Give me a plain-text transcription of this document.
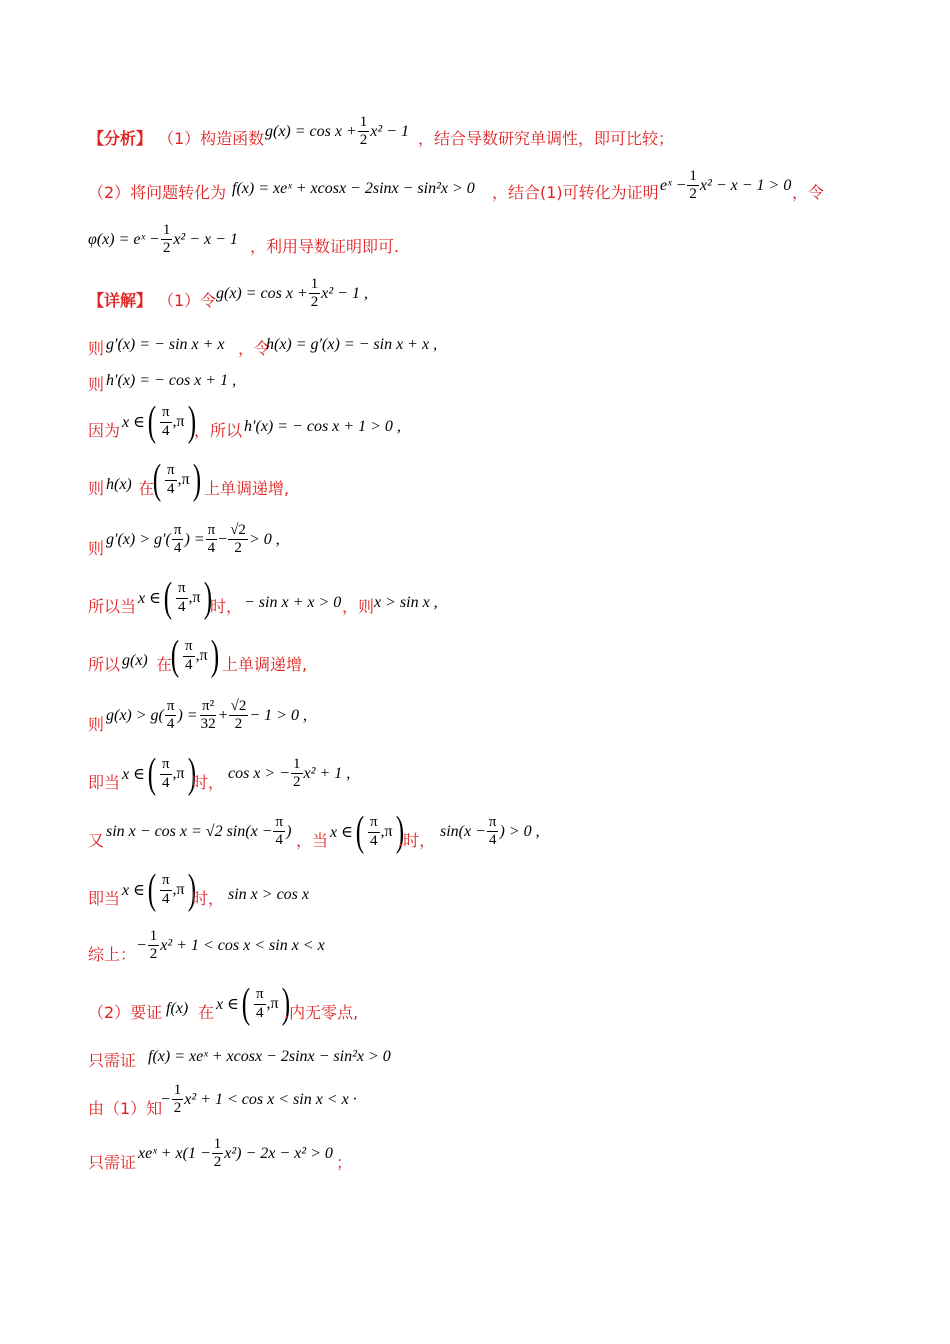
【分析】 （1）构造函数 $g(x) = \cos x + \frac{1}{2} x^2 - 1$ ，结合导数研究单调性，即可比较；
（2）将问题转化为 f(x) = xeˣ + xcosx − 2sinx − sin²x > 0 ，结合(1)可转化为证明 eˣ − $\frac{1}{2} x^2 - x - 1 > 0$ ，令
φ(x) = eˣ − $\frac{1}{2} x^2 - x - 1$ ，利用导数证明即可.
【详解】 （1）令 $g(x) = \cos x + \frac{1}{2} x^2 - 1$ ,
则 g′(x) = − sin x + x ，令
h(x) = g′(x) = − sin x + x ,
则 h′(x) = − cos x + 1 ,
因为 x ∈ ( $\frac{\pi}{4} ,\pi$ )
，所以 h′(x) = − cos x + 1 > 0 ,
则 h(x) 在
( $\frac{\pi}{4} ,\pi$ ) 上单调递增,
则 $g'(x) > g'( \frac{\pi}{4}$ ) = $\frac{\pi}{4} - \frac{√2}{2} > 0$ ,
所以当 x ∈ ( $\frac{\pi}{4} ,\pi$ )
时， − sin x + x > 0 ，则 x > sin x ,
所以 g(x) 在
( $\frac{\pi}{4} ,\pi$ ) 上单调递增,
则 $g(x) > g( \frac{\pi}{4}$ ) = $\frac{\text{π²}}{32} + \frac{√2}{2} - 1 > 0$ ,
即当 x ∈ ( $\frac{\pi}{4} ,\pi$ )
时， cos x > − $\frac{1}{2} x^2 + 1$ ,
又 sin x − cos x = √2 $\sin(x - \frac{\pi}{4}$ ) ，当 x ∈ ( $\frac{\pi}{4} ,\pi$ )
.时， $\sin(x - \frac{\pi}{4}$ ) > 0 ,
即当 x ∈ ( $\frac{\pi}{4} ,\pi$ )
时， sin x > cos x
综上： − $\frac{1}{2} x^2 + 1 < \cos x < \sin x < x$
（2）要证 f(x) 在 x ∈ ( $\frac{\pi}{4} ,\pi$ )
.内无零点,
只需证 f(x) = xeˣ + xcosx − 2sinx − sin²x > 0
由（1）知
− $\frac{1}{2} x^2 + 1 < \cos x < \sin x < x$ ·
只需证 xeˣ + $x(1 - \frac{1}{2} x^2) - 2x - x^2 > 0$ ；
